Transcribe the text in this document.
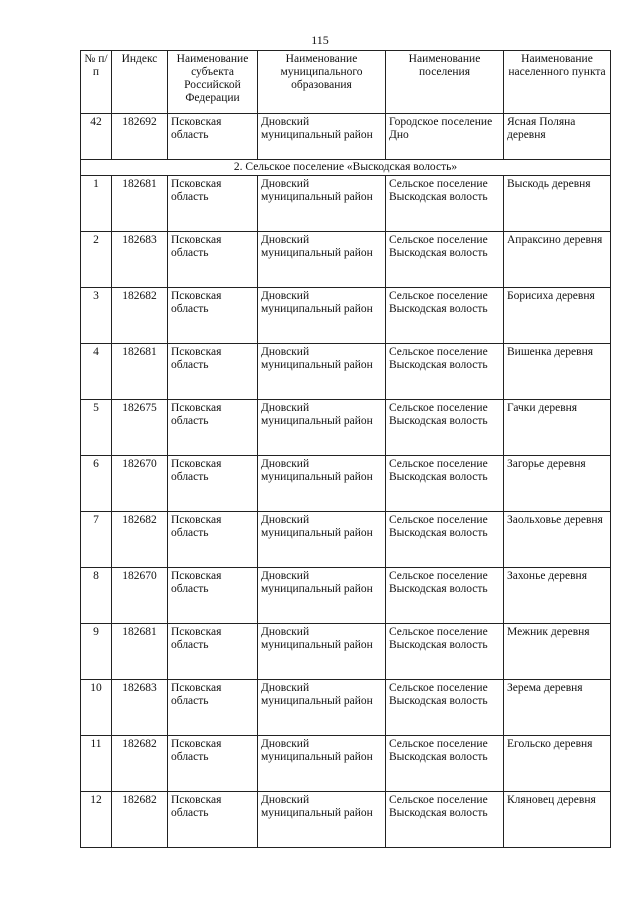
115
№ п/п	Индекс	Наименование субъекта Российской Федерации	Наименование муниципального образования	Наименование поселения	Наименование населенного пункта
42	182692	Псковская область	Дновский муниципальный район	Городское поселение Дно	Ясная Поляна деревня
2. Сельское поселение «Выскодская волость»					
1	182681	Псковская область	Дновский муниципальный район	Сельское поселение Выскодская волость	Выскодь деревня
2	182683	Псковская область	Дновский муниципальный район	Сельское поселение Выскодская волость	Апраксино деревня
3	182682	Псковская область	Дновский муниципальный район	Сельское поселение Выскодская волость	Борисиха деревня
4	182681	Псковская область	Дновский муниципальный район	Сельское поселение Выскодская волость	Вишенка деревня
5	182675	Псковская область	Дновский муниципальный район	Сельское поселение Выскодская волость	Гачки деревня
6	182670	Псковская область	Дновский муниципальный район	Сельское поселение Выскодская волость	Загорье деревня
7	182682	Псковская область	Дновский муниципальный район	Сельское поселение Выскодская волость	Заольховье деревня
8	182670	Псковская область	Дновский муниципальный район	Сельское поселение Выскодская волость	Захонье деревня
9	182681	Псковская область	Дновский муниципальный район	Сельское поселение Выскодская волость	Межник деревня
10	182683	Псковская область	Дновский муниципальный район	Сельское поселение Выскодская волость	Зерема деревня
11	182682	Псковская область	Дновский муниципальный район	Сельское поселение Выскодская волость	Егольско деревня
12	182682	Псковская область	Дновский муниципальный район	Сельское поселение Выскодская волость	Кляновец деревня
